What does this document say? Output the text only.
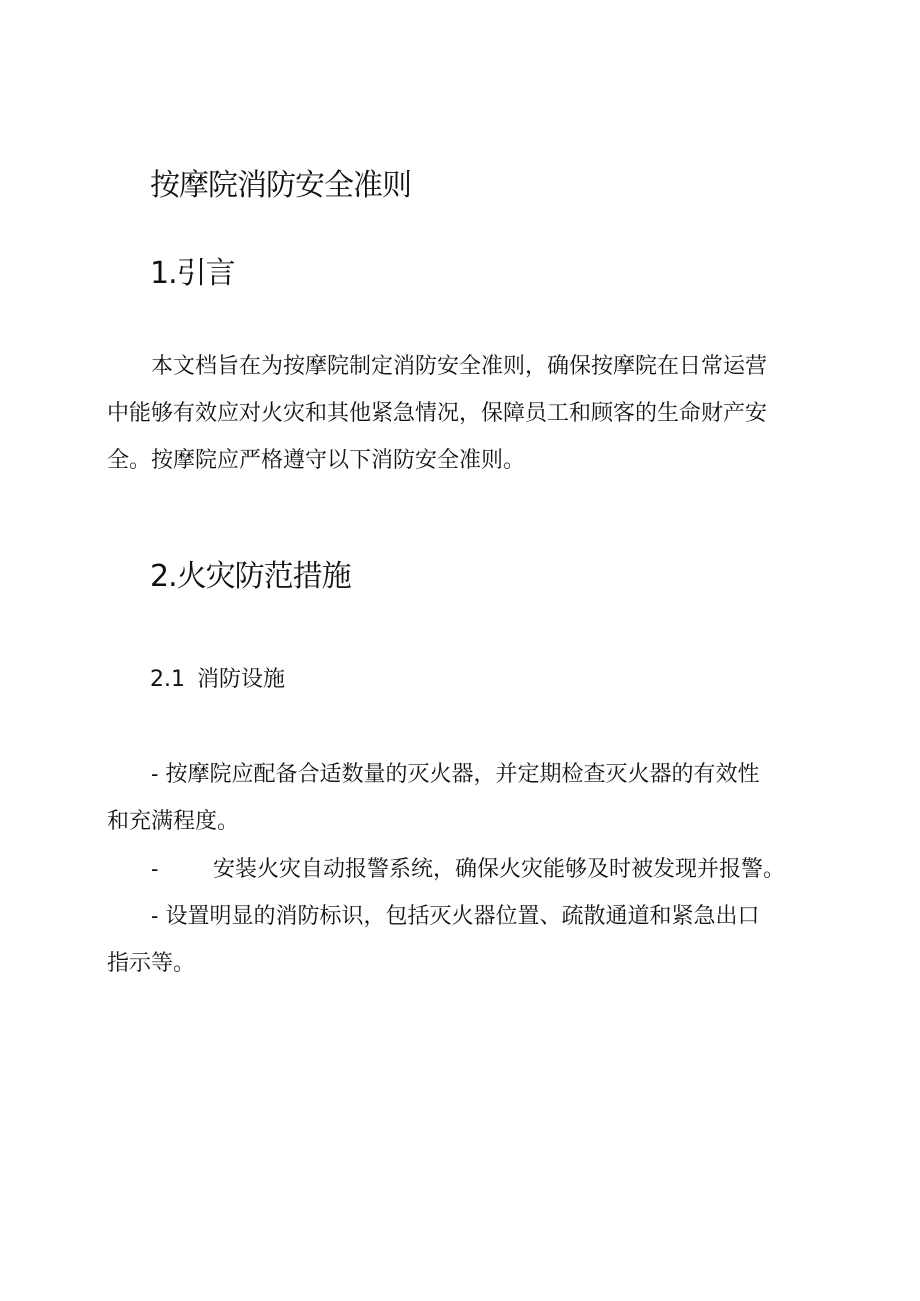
按摩院消防安全准则
1.引言
本文档旨在为按摩院制定消防安全准则，确保按摩院在日常运营
中能够有效应对火灾和其他紧急情况，保障员工和顾客的生命财产安
全。按摩院应严格遵守以下消防安全准则。
2.火灾防范措施
2.1 消防设施
- 按摩院应配备合适数量的灭火器，并定期检查灭火器的有效性
和充满程度。
- 安装火灾自动报警系统，确保火灾能够及时被发现并报警。
- 设置明显的消防标识，包括灭火器位置、疏散通道和紧急出口
指示等。
